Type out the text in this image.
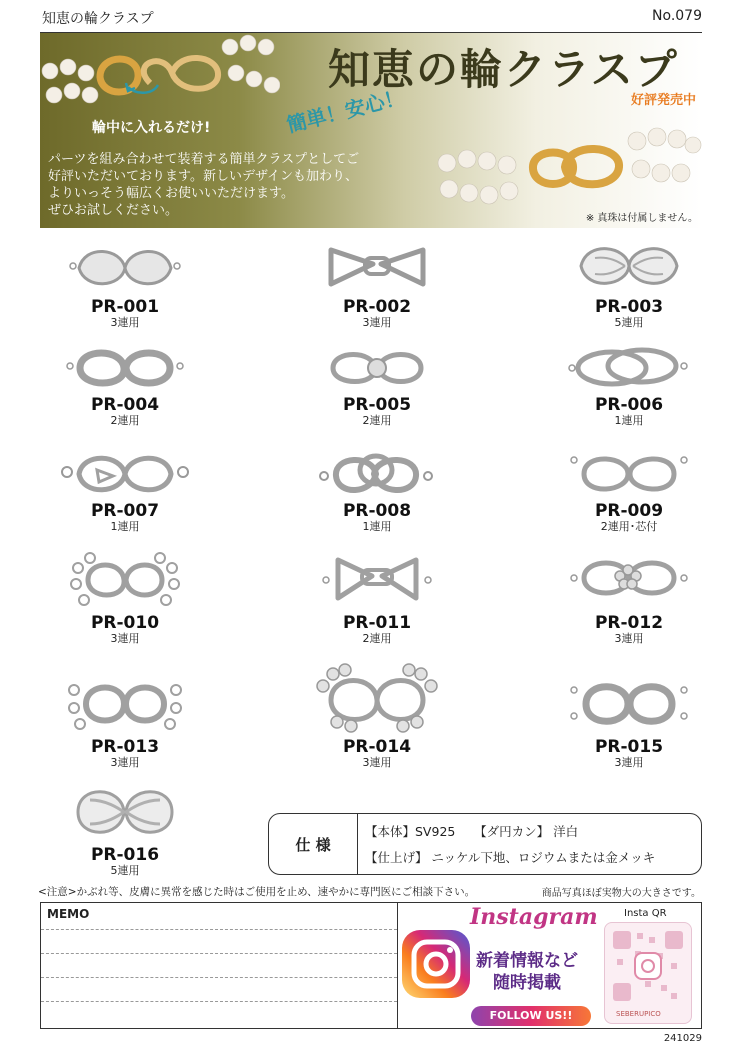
知恵の輪クラスプ	No.079
知恵の輪クラスプ
好評発売中
簡単！安心！
輪中に入れるだけ!
パーツを組み合わせて装着する簡単クラスプとしてご
好評いただいております。新しいデザインも加わり、
よりいっそう幅広くお使いいただけます。
ぜひお試しください。
※ 真珠は付属しません。
PR-001
3連用
PR-002
3連用
PR-003
5連用
PR-004
2連用
PR-005
2連用
PR-006
1連用
PR-007
1連用
PR-008
1連用
PR-009
2連用･芯付
PR-010
3連用
PR-011
2連用
PR-012
3連用
PR-013
3連用
PR-014
3連用
PR-015
3連用
PR-016
5連用
仕 様
【本体】SV925　　【ダ円カン】 洋白
【仕上げ】 ニッケル下地、ロジウムまたは金メッキ
<注意>かぶれ等、皮膚に異常を感じた時はご使用を止め、速やかに専門医にご相談下さい。	商品写真ほぼ実物大の大きさです。
MEMO	Instagram
新着情報など
随時掲載
FOLLOW US!!
Insta QR
SEBERUPICO
241029
